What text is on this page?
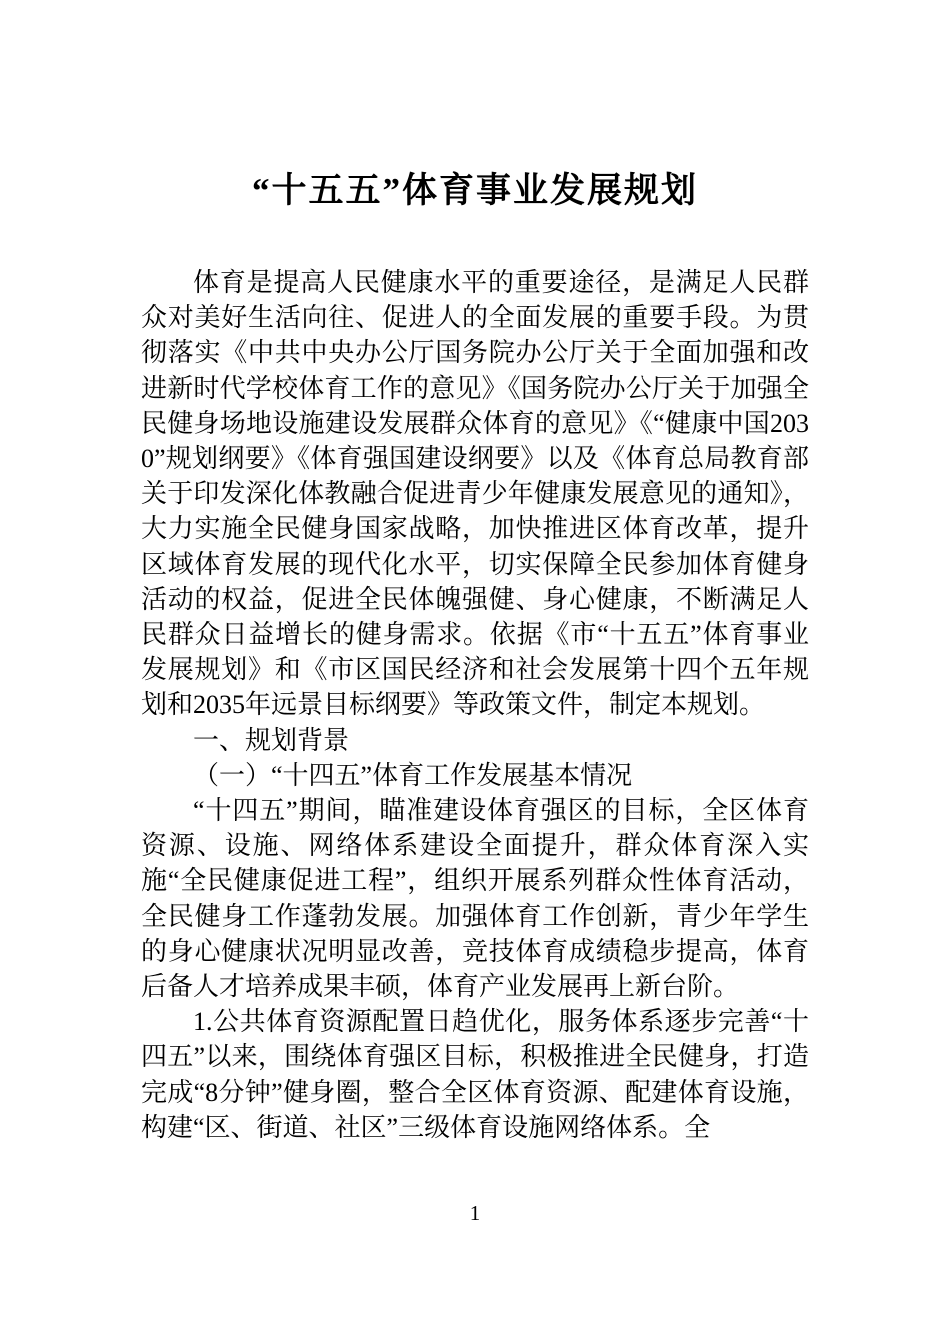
“十五五”体育事业发展规划

体育是提高人民健康水平的重要途径，是满足人民群众对美好生活向往、促进人的全面发展的重要手段。为贯彻落实《中共中央办公厅国务院办公厅关于全面加强和改进新时代学校体育工作的意见》《国务院办公厅关于加强全民健身场地设施建设发展群众体育的意见》《“健康中国2030”规划纲要》《体育强国建设纲要》以及《体育总局教育部关于印发深化体教融合促进青少年健康发展意见的通知》，大力实施全民健身国家战略，加快推进区体育改革，提升区域体育发展的现代化水平，切实保障全民参加体育健身活动的权益，促进全民体魄强健、身心健康，不断满足人民群众日益增长的健身需求。依据《市“十五五”体育事业发展规划》和《市区国民经济和社会发展第十四个五年规划和2035年远景目标纲要》等政策文件，制定本规划。

一、规划背景

（一）“十四五”体育工作发展基本情况

“十四五”期间，瞄准建设体育强区的目标，全区体育资源、设施、网络体系建设全面提升，群众体育深入实施“全民健康促进工程”，组织开展系列群众性体育活动，全民健身工作蓬勃发展。加强体育工作创新，青少年学生的身心健康状况明显改善，竞技体育成绩稳步提高，体育后备人才培养成果丰硕，体育产业发展再上新台阶。

1.公共体育资源配置日趋优化，服务体系逐步完善“十四五”以来，围绕体育强区目标，积极推进全民健身，打造完成“8分钟”健身圈，整合全区体育资源、配建体育设施，构建“区、街道、社区”三级体育设施网络体系。全

1
